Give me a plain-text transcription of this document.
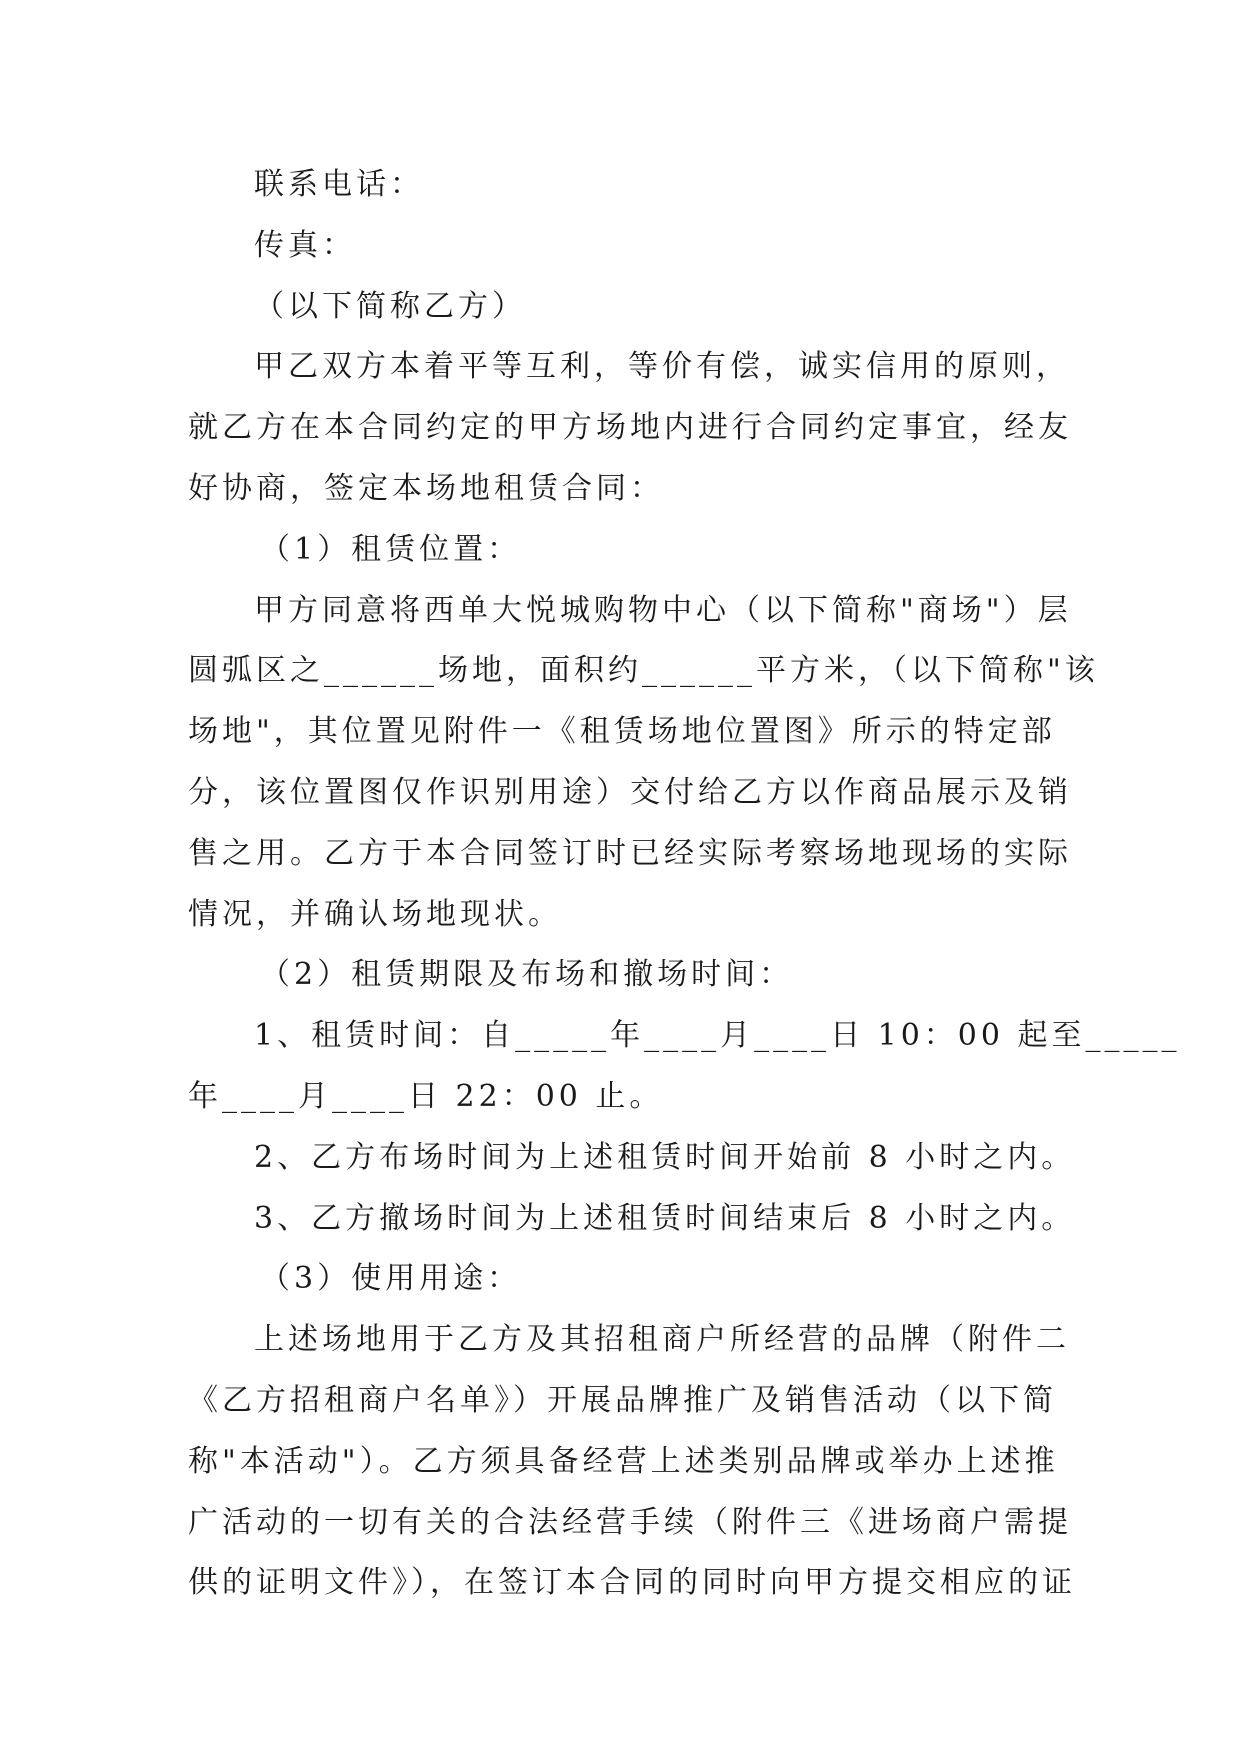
联系电话：
传真：
（以下简称乙方）
甲乙双方本着平等互利，等价有偿，诚实信用的原则，
就乙方在本合同约定的甲方场地内进行合同约定事宜，经友
好协商，签定本场地租赁合同：
（1）租赁位置：
甲方同意将西单大悦城购物中心（以下简称"商场"）层
圆弧区之______场地，面积约______平方米，（以下简称"该
场地"，其位置见附件一《租赁场地位置图》所示的特定部
分，该位置图仅作识别用途）交付给乙方以作商品展示及销
售之用。乙方于本合同签订时已经实际考察场地现场的实际
情况，并确认场地现状。
（2）租赁期限及布场和撤场时间：
1、租赁时间：自_____年____月____日 10：00 起至_____
年____月____日 22：00 止。
2、乙方布场时间为上述租赁时间开始前 8 小时之内。
3、乙方撤场时间为上述租赁时间结束后 8 小时之内。
（3）使用用途：
上述场地用于乙方及其招租商户所经营的品牌（附件二
《乙方招租商户名单》）开展品牌推广及销售活动（以下简
称"本活动"）。乙方须具备经营上述类别品牌或举办上述推
广活动的一切有关的合法经营手续（附件三《进场商户需提
供的证明文件》），在签订本合同的同时向甲方提交相应的证
